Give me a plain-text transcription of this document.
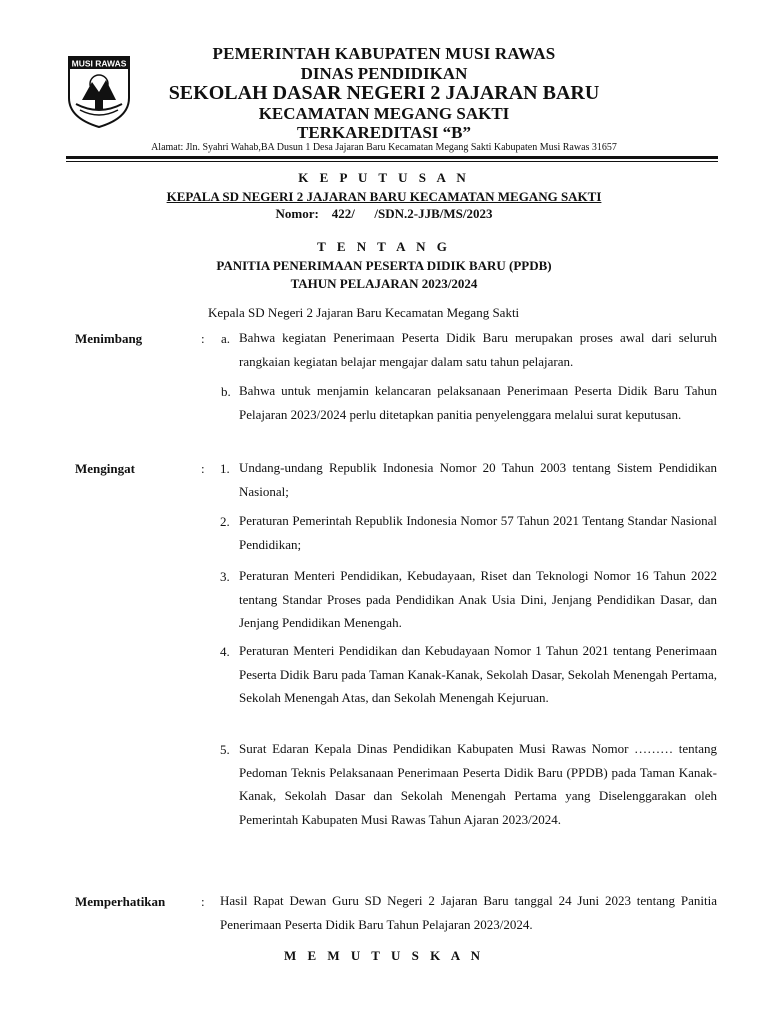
MUSI RAWAS
PEMERINTAH KABUPATEN MUSI RAWAS
DINAS PENDIDIKAN
SEKOLAH DASAR NEGERI 2 JAJARAN BARU
KECAMATAN MEGANG SAKTI
TERKAREDITASI “B”
Alamat: Jln. Syahri Wahab,BA Dusun 1 Desa Jajaran Baru Kecamatan Megang Sakti Kabupaten Musi Rawas 31657
K E P U T U S A N
KEPALA SD NEGERI 2 JAJARAN BARU KECAMATAN MEGANG SAKTI
Nomor:    422/      /SDN.2-JJB/MS/2023
T E N T A N G
PANITIA PENERIMAAN PESERTA DIDIK BARU (PPDB)
TAHUN PELAJARAN 2023/2024
Kepala SD Negeri 2 Jajaran Baru Kecamatan Megang Sakti
Menimbang	: a. Bahwa kegiatan Penerimaan Peserta Didik Baru merupakan proses awal dari seluruh rangkaian kegiatan belajar mengajar dalam satu tahun pelajaran.
b. Bahwa untuk menjamin kelancaran pelaksanaan Penerimaan Peserta Didik Baru Tahun Pelajaran 2023/2024 perlu ditetapkan panitia penyelenggara melalui surat keputusan.
Mengingat	: 1. Undang-undang Republik Indonesia Nomor 20 Tahun 2003 tentang Sistem Pendidikan Nasional;
2. Peraturan Pemerintah Republik Indonesia Nomor 57 Tahun 2021 Tentang Standar Nasional Pendidikan;
3. Peraturan Menteri Pendidikan, Kebudayaan, Riset dan Teknologi Nomor 16 Tahun 2022 tentang Standar Proses pada Pendidikan Anak Usia Dini, Jenjang Pendidikan Dasar, dan Jenjang Pendidikan Menengah.
4. Peraturan Menteri Pendidikan dan Kebudayaan Nomor 1 Tahun 2021 tentang Penerimaan Peserta Didik Baru pada Taman Kanak-Kanak, Sekolah Dasar, Sekolah Menengah Pertama, Sekolah Menengah Atas, dan Sekolah Menengah Kejuruan.
5. Surat Edaran Kepala Dinas Pendidikan Kabupaten Musi Rawas Nomor ……… tentang Pedoman Teknis Pelaksanaan Penerimaan Peserta Didik Baru (PPDB) pada Taman Kanak-Kanak, Sekolah Dasar dan Sekolah Menengah Pertama yang Diselenggarakan oleh Pemerintah Kabupaten Musi Rawas Tahun Ajaran 2023/2024.
Memperhatikan	: Hasil Rapat Dewan Guru SD Negeri 2 Jajaran Baru tanggal 24 Juni 2023 tentang Panitia Penerimaan Peserta Didik Baru Tahun Pelajaran 2023/2024.
M E M U T U S K A N
